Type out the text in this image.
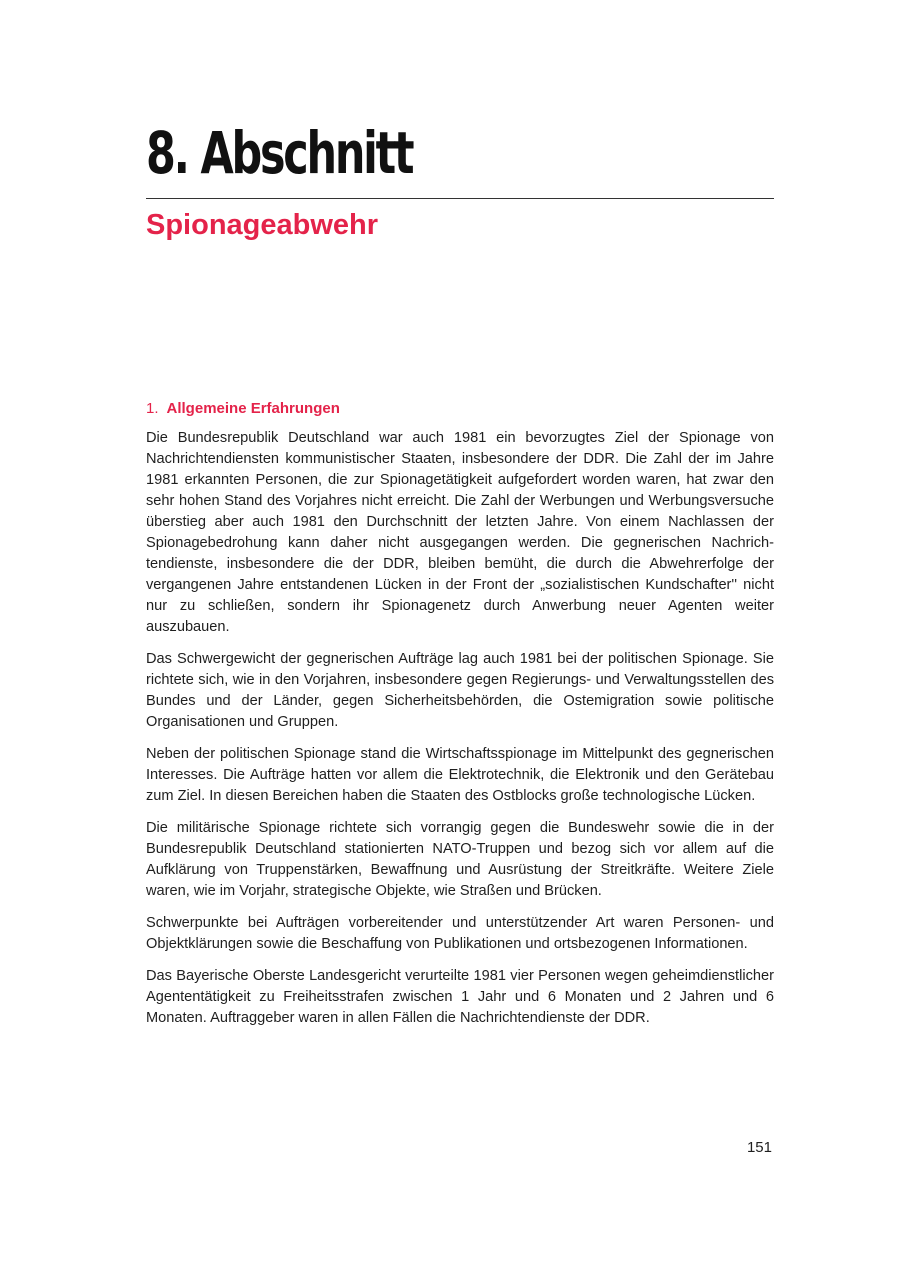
8. Abschnitt
Spionageabwehr
1. Allgemeine Erfahrungen

Die Bundesrepublik Deutschland war auch 1981 ein bevorzugtes Ziel der Spionage von Nachrichtendiensten kommunistischer Staaten, insbesondere der DDR. Die Zahl der im Jahre 1981 erkannten Personen, die zur Spionagetätigkeit aufgefordert worden waren, hat zwar den sehr hohen Stand des Vorjahres nicht erreicht. Die Zahl der Werbungen und Werbungsversuche überstieg aber auch 1981 den Durchschnitt der letzten Jahre. Von einem Nachlassen der Spionagebedrohung kann daher nicht ausgegangen werden. Die gegnerischen Nachrichtendienste, insbesondere die der DDR, bleiben bemüht, die durch die Abwehrerfolge der vergangenen Jahre entstandenen Lücken in der Front der „sozialistischen Kundschafter'' nicht nur zu schließen, sondern ihr Spionagenetz durch Anwerbung neuer Agenten weiter auszubauen.

Das Schwergewicht der gegnerischen Aufträge lag auch 1981 bei der politischen Spionage. Sie richtete sich, wie in den Vorjahren, insbesondere gegen Regierungs- und Verwaltungsstellen des Bundes und der Länder, gegen Sicherheitsbehörden, die Ostemigration sowie politische Organisationen und Gruppen.

Neben der politischen Spionage stand die Wirtschaftsspionage im Mittelpunkt des gegnerischen Interesses. Die Aufträge hatten vor allem die Elektrotechnik, die Elektronik und den Gerätebau zum Ziel. In diesen Bereichen haben die Staaten des Ostblocks große technologische Lücken.

Die militärische Spionage richtete sich vorrangig gegen die Bundeswehr sowie die in der Bundesrepublik Deutschland stationierten NATO-Truppen und bezog sich vor allem auf die Aufklärung von Truppenstärken, Bewaffnung und Ausrüstung der Streitkräfte. Weitere Ziele waren, wie im Vorjahr, strategische Objekte, wie Straßen und Brücken.

Schwerpunkte bei Aufträgen vorbereitender und unterstützender Art waren Personen- und Objektklärungen sowie die Beschaffung von Publikationen und ortsbezogenen Informationen.

Das Bayerische Oberste Landesgericht verurteilte 1981 vier Personen wegen geheimdienstlicher Agententätigkeit zu Freiheitsstrafen zwischen 1 Jahr und 6 Monaten und 2 Jahren und 6 Monaten. Auftraggeber waren in allen Fällen die Nachrichtendienste der DDR.

151
